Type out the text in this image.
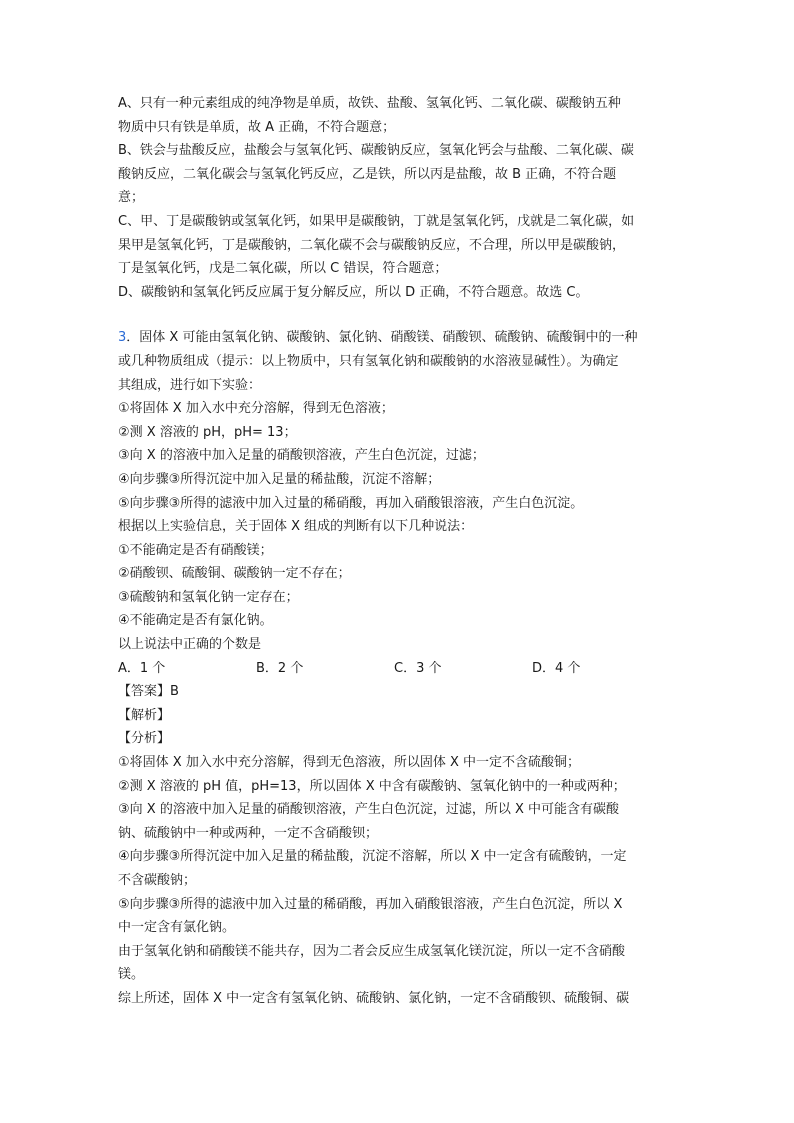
A、只有一种元素组成的纯净物是单质，故铁、盐酸、氢氧化钙、二氧化碳、碳酸钠五种
物质中只有铁是单质，故 A 正确，不符合题意；
B、铁会与盐酸反应，盐酸会与氢氧化钙、碳酸钠反应，氢氧化钙会与盐酸、二氧化碳、碳
酸钠反应，二氧化碳会与氢氧化钙反应，乙是铁，所以丙是盐酸，故 B 正确，不符合题
意；
C、甲、丁是碳酸钠或氢氧化钙，如果甲是碳酸钠，丁就是氢氧化钙，戊就是二氧化碳，如
果甲是氢氧化钙，丁是碳酸钠，二氧化碳不会与碳酸钠反应，不合理，所以甲是碳酸钠，
丁是氢氧化钙，戊是二氧化碳，所以 C 错误，符合题意；
D、碳酸钠和氢氧化钙反应属于复分解反应，所以 D 正确，不符合题意。故选 C。
3．固体 X 可能由氢氧化钠、碳酸钠、氯化钠、硝酸镁、硝酸钡、硫酸钠、硫酸铜中的一种
或几种物质组成（提示：以上物质中，只有氢氧化钠和碳酸钠的水溶液显碱性）。为确定
其组成，进行如下实验：
①将固体 X 加入水中充分溶解，得到无色溶液；
②测 X 溶液的 pH，pH= 13；
③向 X 的溶液中加入足量的硝酸钡溶液，产生白色沉淀，过滤；
④向步骤③所得沉淀中加入足量的稀盐酸，沉淀不溶解；
⑤向步骤③所得的滤液中加入过量的稀硝酸，再加入硝酸银溶液，产生白色沉淀。
根据以上实验信息，关于固体 X 组成的判断有以下几种说法：
①不能确定是否有硝酸镁；
②硝酸钡、硫酸铜、碳酸钠一定不存在；
③硫酸钠和氢氧化钠一定存在；
④不能确定是否有氯化钠。
以上说法中正确的个数是
A．1 个	B．2 个	C．3 个	D．4 个
【答案】B
【解析】
【分析】
①将固体 X 加入水中充分溶解，得到无色溶液，所以固体 X 中一定不含硫酸铜；
②测 X 溶液的 pH 值，pH=13，所以固体 X 中含有碳酸钠、氢氧化钠中的一种或两种；
③向 X 的溶液中加入足量的硝酸钡溶液，产生白色沉淀，过滤，所以 X 中可能含有碳酸
钠、硫酸钠中一种或两种，一定不含硝酸钡；
④向步骤③所得沉淀中加入足量的稀盐酸，沉淀不溶解，所以 X 中一定含有硫酸钠，一定
不含碳酸钠；
⑤向步骤③所得的滤液中加入过量的稀硝酸，再加入硝酸银溶液，产生白色沉淀，所以 X
中一定含有氯化钠。
由于氢氧化钠和硝酸镁不能共存，因为二者会反应生成氢氧化镁沉淀，所以一定不含硝酸
镁。
综上所述，固体 X 中一定含有氢氧化钠、硫酸钠、氯化钠，一定不含硝酸钡、硫酸铜、碳
